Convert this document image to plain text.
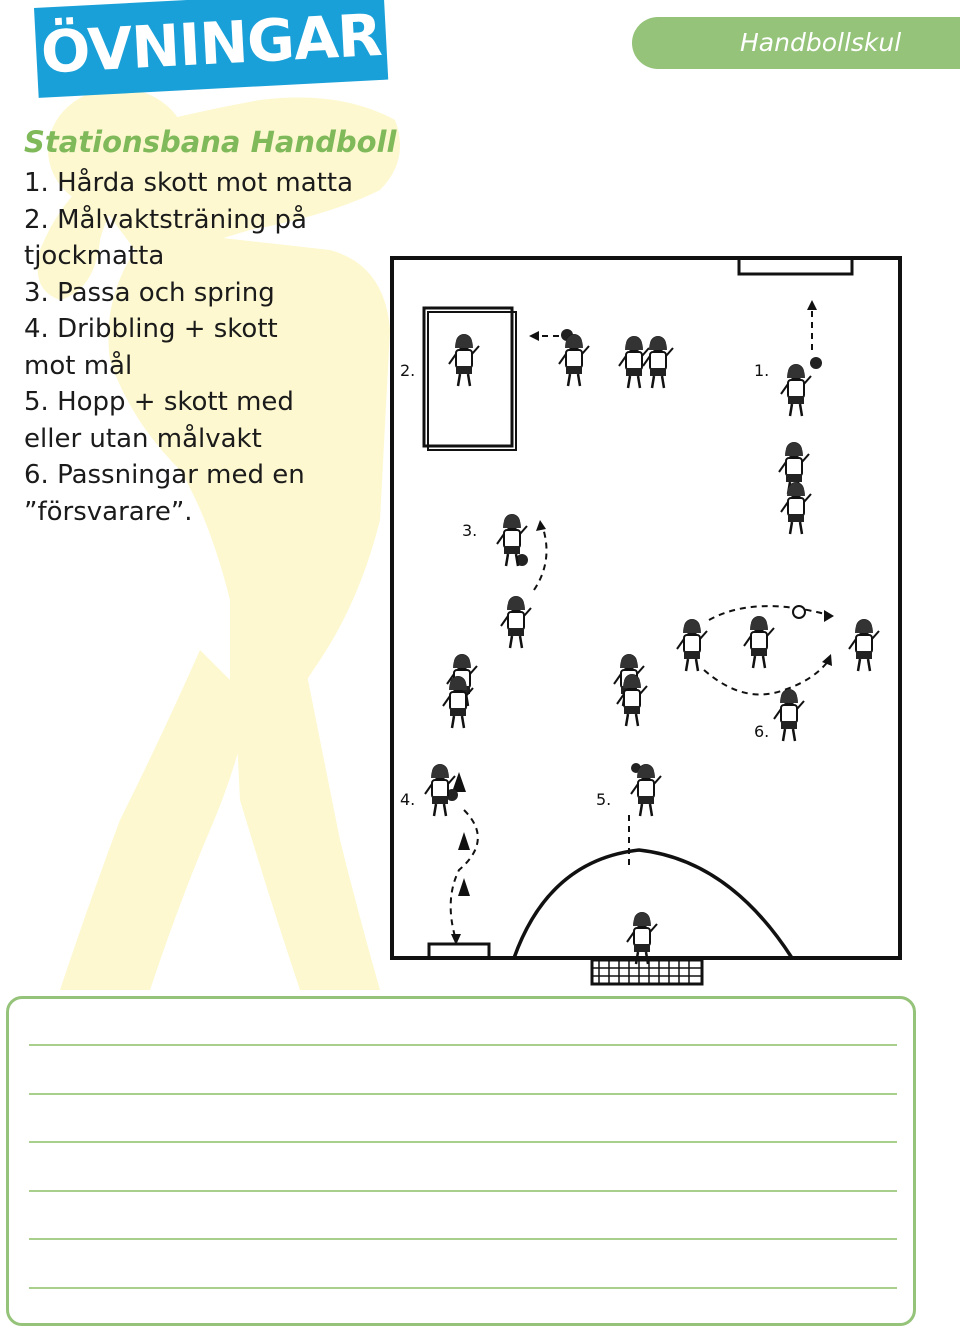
ÖVNINGAR	Handbollskul
Stationsbana Handboll
1. Hårda skott mot matta
2. Målvaktsträning på tjockmatta
3. Passa och spring
4. Dribbling + skott mot mål
5. Hopp + skott med eller utan målvakt
6. Passningar med en ”försvarare”.
2.	1.
3.
4.	5.
6.
